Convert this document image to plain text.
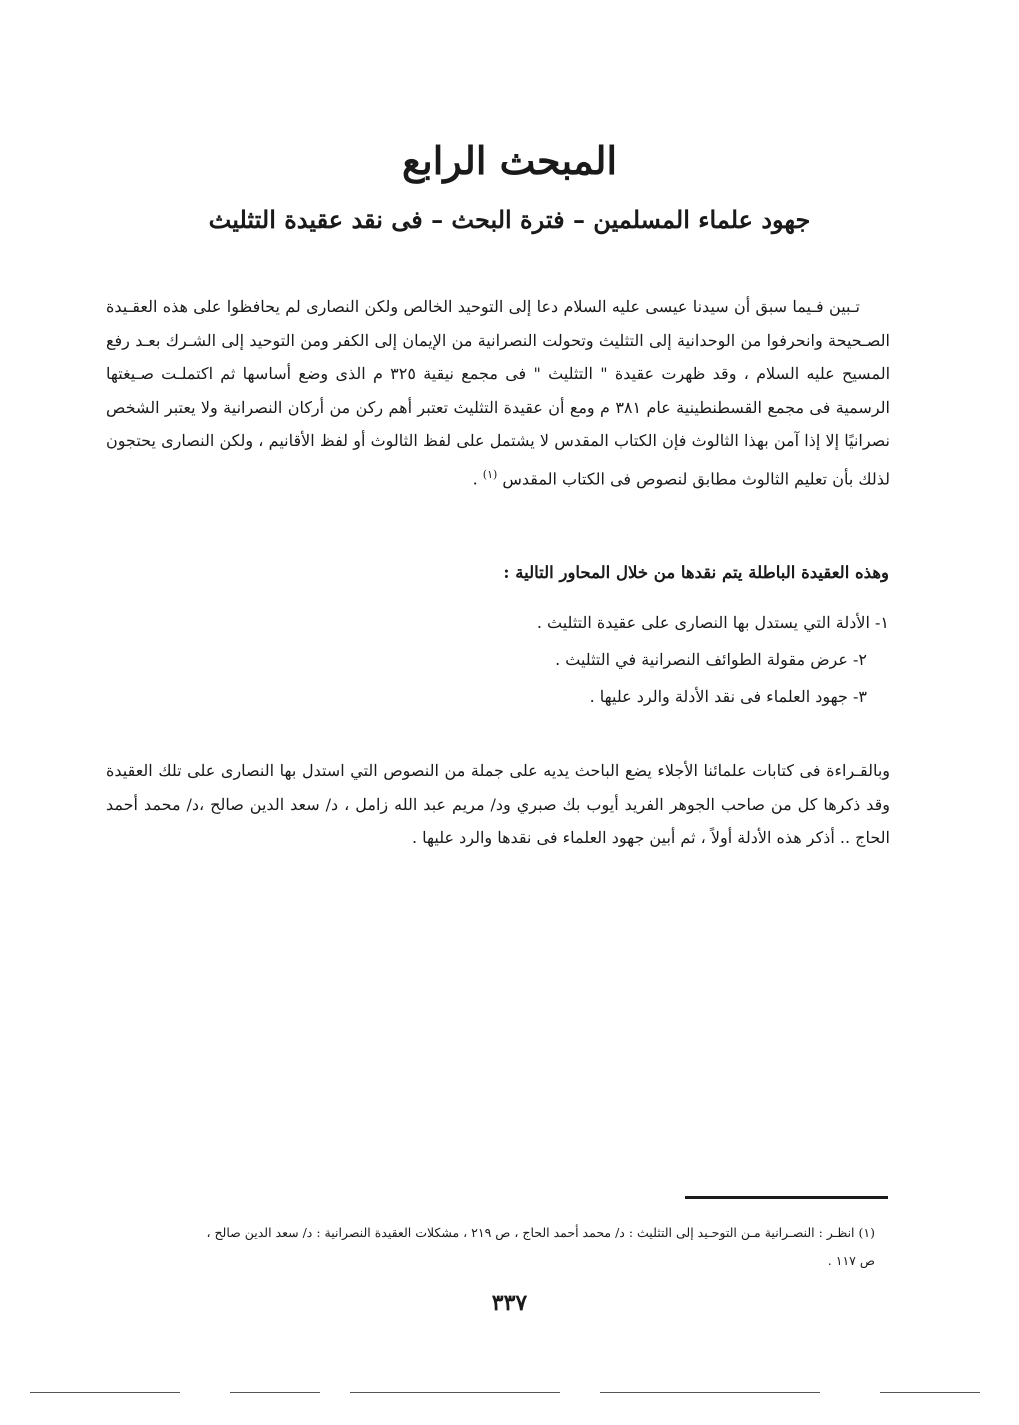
المبحث الرابع
جهود علماء المسلمين – فترة البحث – فى نقد عقيدة التثليث
تـبين فـيما سبق أن سيدنا عيسى عليه السلام دعا إلى التوحيد الخالص ولكن النصارى لم يحافظوا على هذه العقـيدة الصـحيحة وانحرفوا من الوحدانية إلى التثليث وتحولت النصرانية من الإيمان إلى الكفر ومن التوحيد إلى الشـرك بعـد رفع المسيح عليه السلام ، وقد ظهرت عقيدة " التثليث " فى مجمع نيقية ٣٢٥ م الذى وضع أساسها ثم اكتملـت صـيغتها الرسمية فى مجمع القسطنطينية عام ٣٨١ م ومع أن عقيدة التثليث تعتبر أهم ركن من أركان النصرانية ولا يعتبر الشخص نصرانيًا إلا إذا آمن بهذا الثالوث فإن الكتاب المقدس لا يشتمل على لفظ الثالوث أو لفظ الأقانيم ، ولكن النصارى يحتجون لذلك بأن تعليم الثالوث مطابق لنصوص فى الكتاب المقدس $^{(١)}$ .
وهذه العقيدة الباطلة يتم نقدها من خلال المحاور التالية :
١- الأدلة التي يستدل بها النصارى على عقيدة التثليث .
٢- عرض مقولة الطوائف النصرانية في التثليث .
٣- جهود العلماء فى نقد الأدلة والرد عليها .
وبالقـراءة فى كتابات علمائنا الأجلاء يضع الباحث يديه على جملة من النصوص التي استدل بها النصارى على تلك العقيدة وقد ذكرها كل من صاحب الجوهر الفريد أيوب بك صبري ود/ مريم عبد الله زامل ، د/ سعد الدين صالح ،د/ محمد أحمد الحاج .. أذكر هذه الأدلة أولاً ، ثم أبين جهود العلماء فى نقدها والرد عليها .
(١) انظـر : النصـرانية مـن التوحـيد إلى التثليث : د/ محمد أحمد الحاج ، ص ٢١٩ ، مشكلات العقيدة النصرانية : د/ سعد الدين صالح ،
ص ١١٧ .
٣٣٧
